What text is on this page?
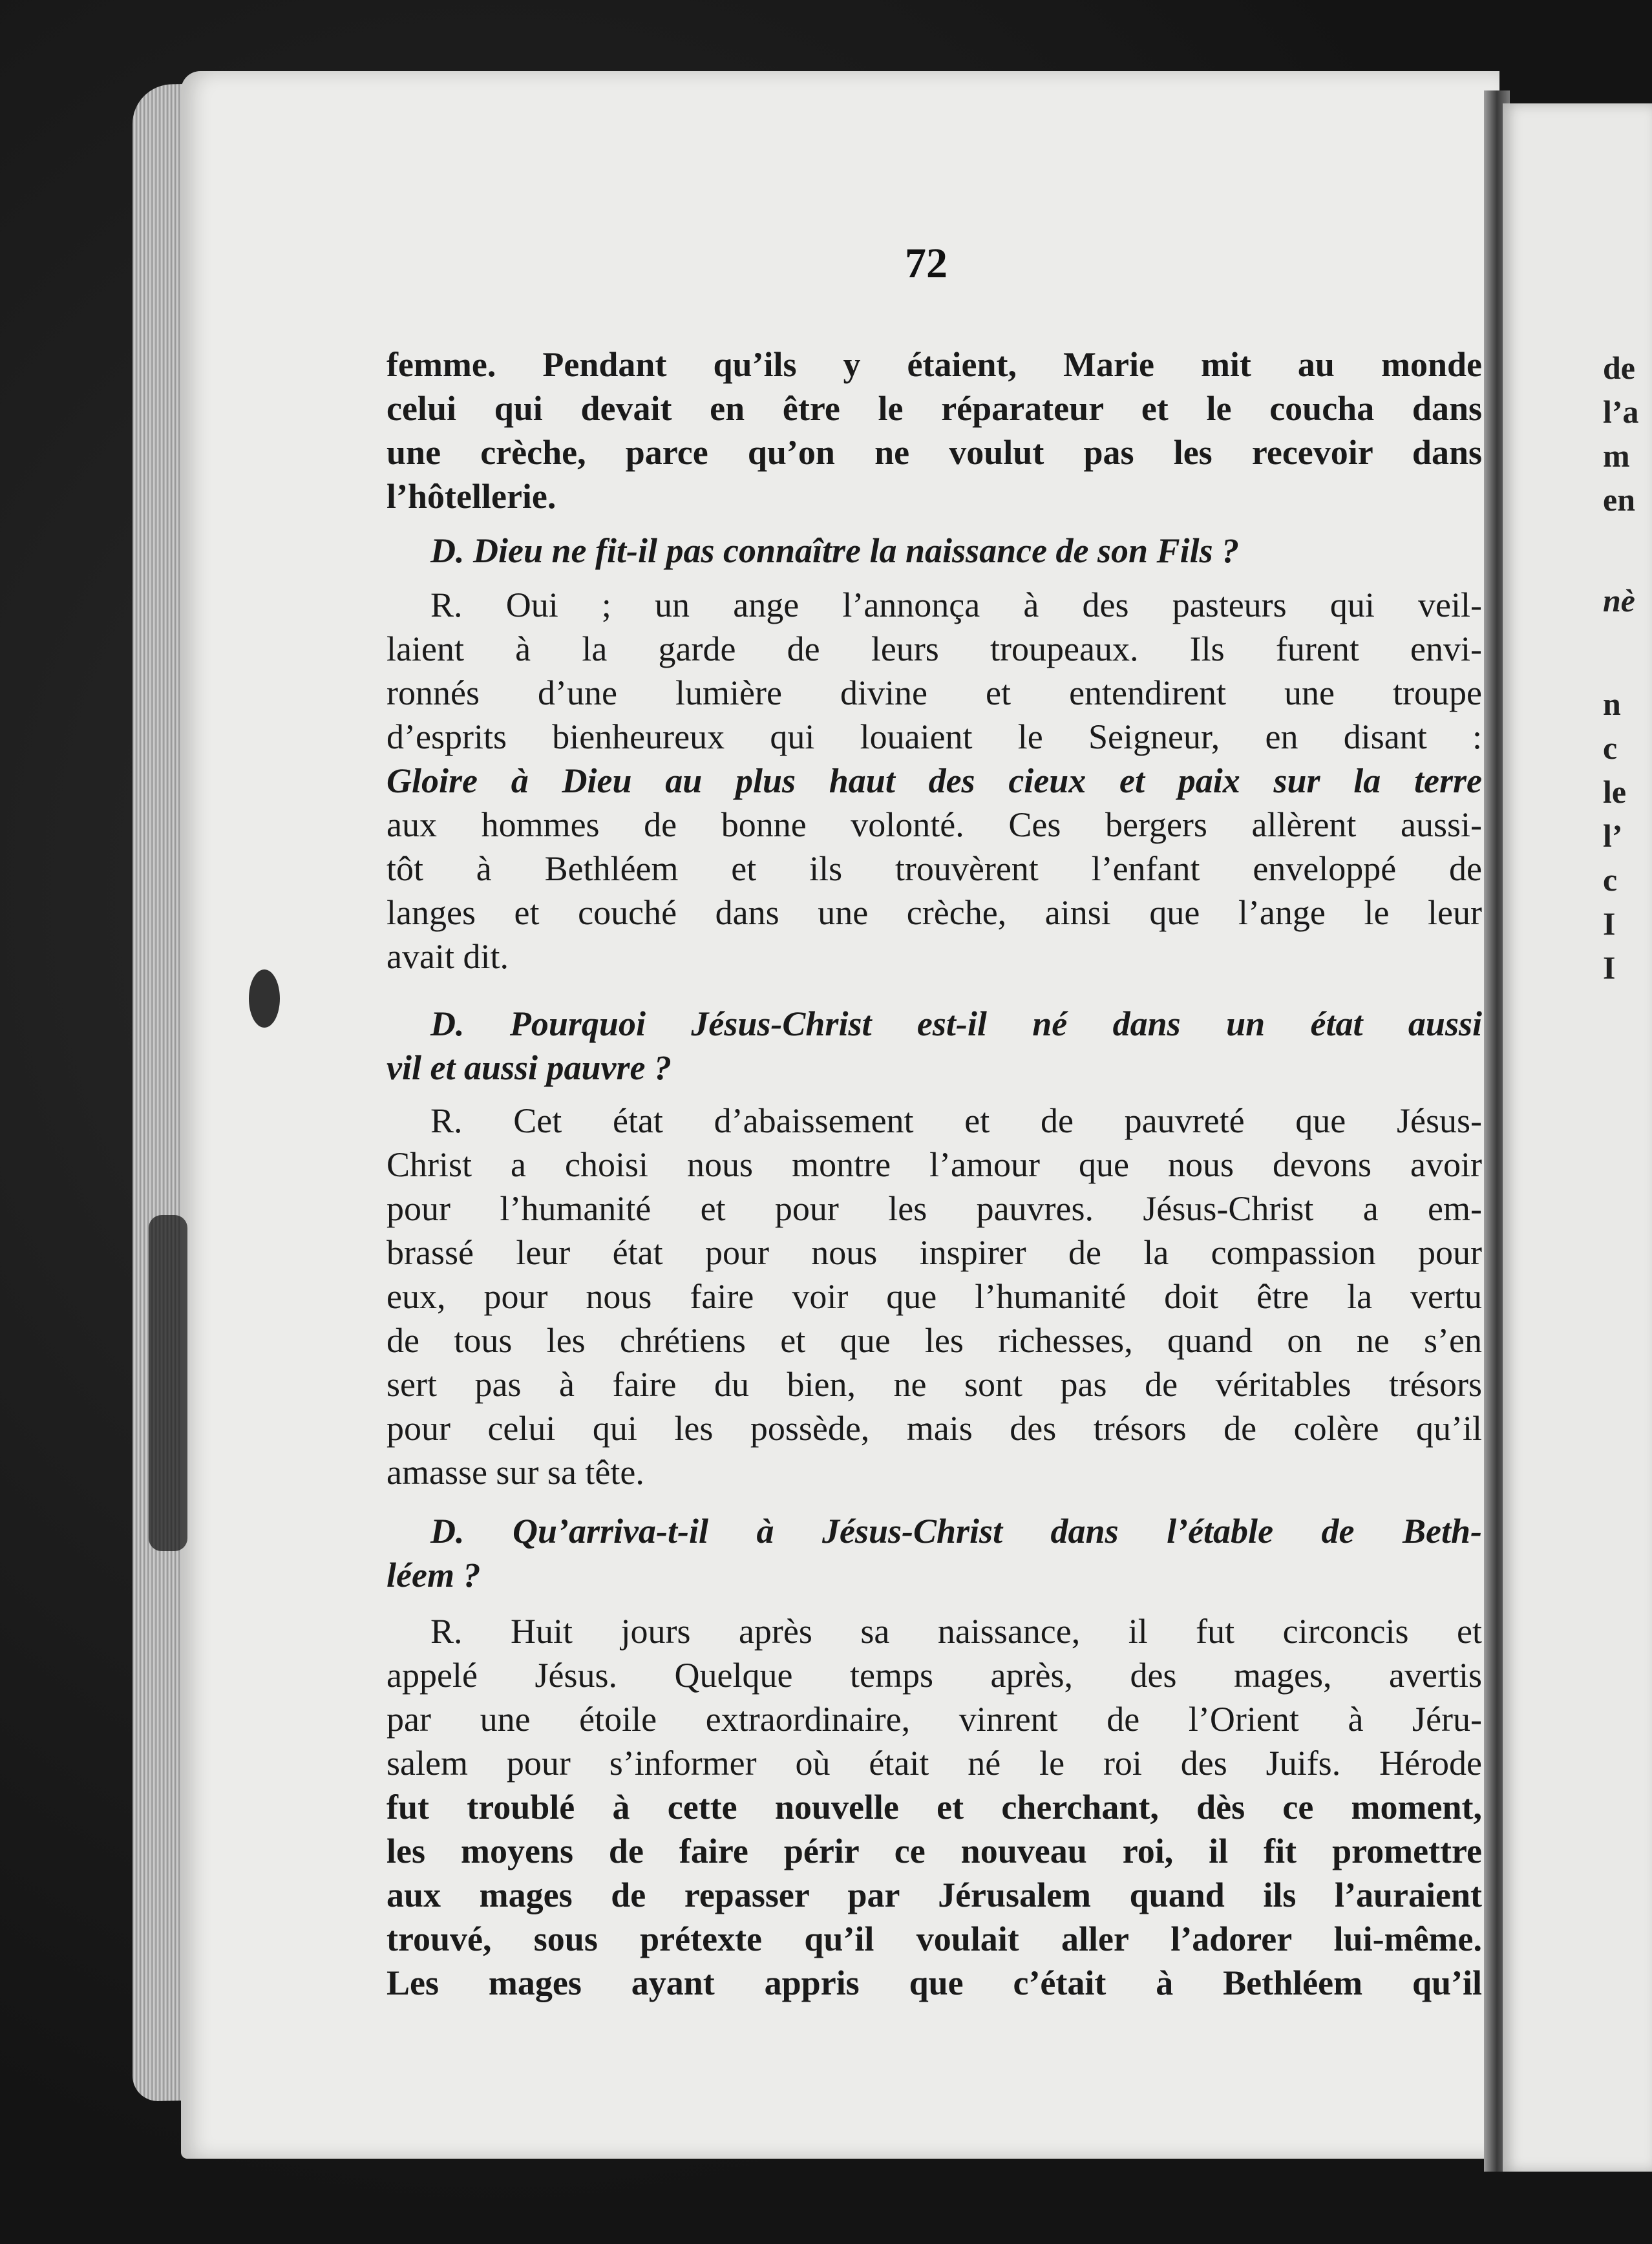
72
femme. Pendant qu’ils y étaient, Marie mit au monde
celui qui devait en être le réparateur et le coucha dans
une crèche, parce qu’on ne voulut pas les recevoir dans
l’hôtellerie.
D. Dieu ne fit-il pas connaître la naissance de son Fils ?
R. Oui ; un ange l’annonça à des pasteurs qui veil-
laient à la garde de leurs troupeaux. Ils furent envi-
ronnés d’une lumière divine et entendirent une troupe
d’esprits bienheureux qui louaient le Seigneur, en disant :
Gloire à Dieu au plus haut des cieux et paix sur la terre
aux hommes de bonne volonté. Ces bergers allèrent aussi-
tôt à Bethléem et ils trouvèrent l’enfant enveloppé de
langes et couché dans une crèche, ainsi que l’ange le leur
avait dit.
D. Pourquoi Jésus-Christ est-il né dans un état aussi
vil et aussi pauvre ?
R. Cet état d’abaissement et de pauvreté que Jésus-
Christ a choisi nous montre l’amour que nous devons avoir
pour l’humanité et pour les pauvres. Jésus-Christ a em-
brassé leur état pour nous inspirer de la compassion pour
eux, pour nous faire voir que l’humanité doit être la vertu
de tous les chrétiens et que les richesses, quand on ne s’en
sert pas à faire du bien, ne sont pas de véritables trésors
pour celui qui les possède, mais des trésors de colère qu’il
amasse sur sa tête.
D. Qu’arriva-t-il à Jésus-Christ dans l’étable de Beth-
léem ?
R. Huit jours après sa naissance, il fut circoncis et
appelé Jésus. Quelque temps après, des mages, avertis
par une étoile extraordinaire, vinrent de l’Orient à Jéru-
salem pour s’informer où était né le roi des Juifs. Hérode
fut troublé à cette nouvelle et cherchant, dès ce moment,
les moyens de faire périr ce nouveau roi, il fit promettre
aux mages de repasser par Jérusalem quand ils l’auraient
trouvé, sous prétexte qu’il voulait aller l’adorer lui-même.
Les mages ayant appris que c’était à Bethléem qu’il
de
l’a
m
en
nè
n
c
le
l’
c
I
I
